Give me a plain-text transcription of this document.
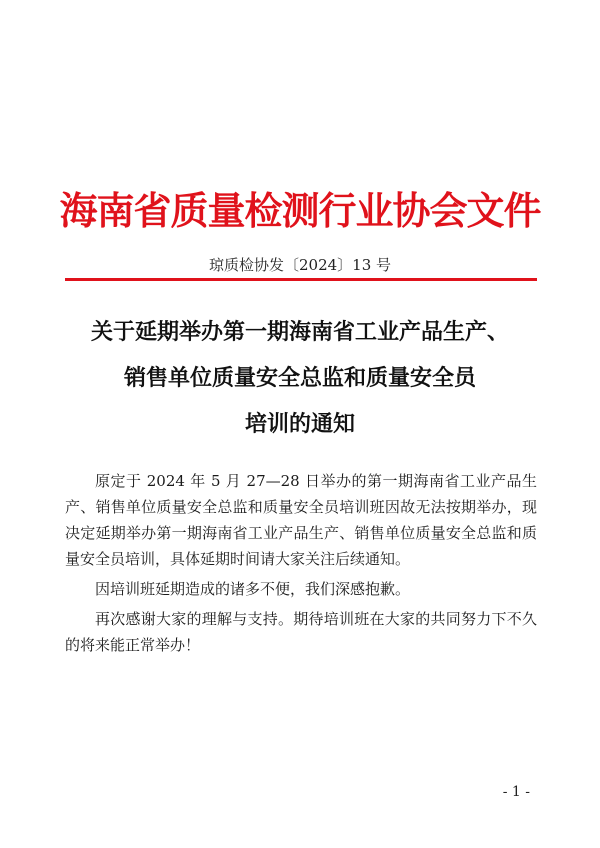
海南省质量检测行业协会文件
琼质检协发〔2024〕13 号
关于延期举办第一期海南省工业产品生产、
销售单位质量安全总监和质量安全员
培训的通知

原定于 2024 年 5 月 27—28 日举办的第一期海南省工业产品生产、销售单位质量安全总监和质量安全员培训班因故无法按期举办，现决定延期举办第一期海南省工业产品生产、销售单位质量安全总监和质量安全员培训，具体延期时间请大家关注后续通知。

因培训班延期造成的诸多不便，我们深感抱歉。

再次感谢大家的理解与支持。期待培训班在大家的共同努力下不久的将来能正常举办！

- 1 -
